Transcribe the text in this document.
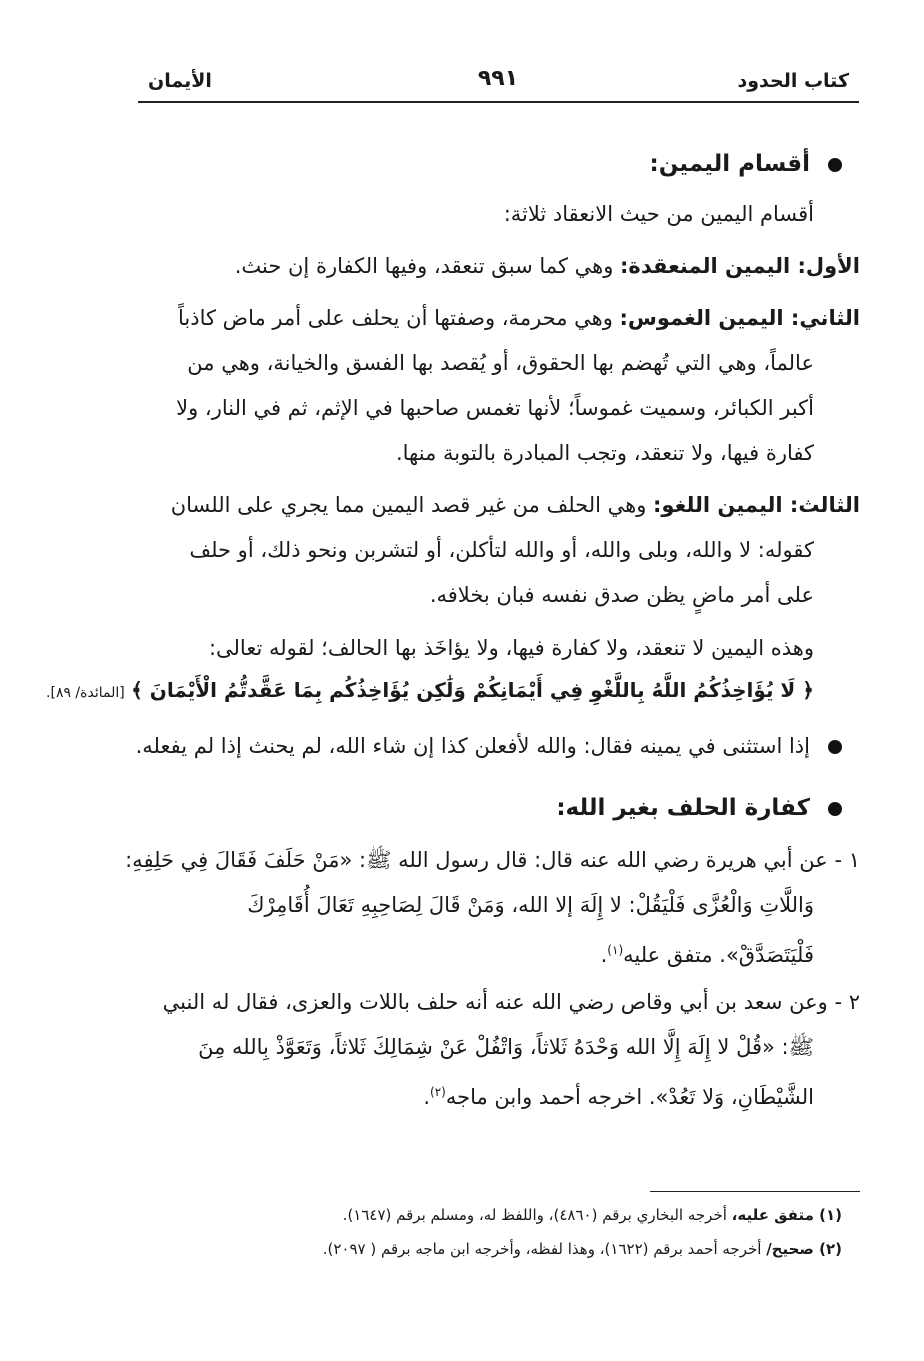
كتاب الحدود
٩٩١
الأيمان
أقسام اليمين:
أقسام اليمين من حيث الانعقاد ثلاثة:
الأول: اليمين المنعقدة: وهي كما سبق تنعقد، وفيها الكفارة إن حنث.
الثاني: اليمين الغموس: وهي محرمة، وصفتها أن يحلف على أمر ماض كاذباً
عالماً، وهي التي تُهضم بها الحقوق، أو يُقصد بها الفسق والخيانة، وهي من
أكبر الكبائر، وسميت غموساً؛ لأنها تغمس صاحبها في الإثم، ثم في النار، ولا
كفارة فيها، ولا تنعقد، وتجب المبادرة بالتوبة منها.
الثالث: اليمين اللغو: وهي الحلف من غير قصد اليمين مما يجري على اللسان
كقوله: لا والله، وبلى والله، أو والله لتأكلن، أو لتشربن ونحو ذلك، أو حلف
على أمر ماضٍ يظن صدق نفسه فبان بخلافه.
وهذه اليمين لا تنعقد، ولا كفارة فيها، ولا يؤاخَذ بها الحالف؛ لقوله تعالى:
﴿ لَا يُؤَاخِذُكُمُ اللَّهُ بِاللَّغْوِ فِي أَيْمَانِكُمْ وَلَٰكِن يُؤَاخِذُكُم بِمَا عَقَّدتُّمُ الْأَيْمَانَ ﴾ [المائدة/ ٨٩].
إذا استثنى في يمينه فقال: والله لأفعلن كذا إن شاء الله، لم يحنث إذا لم يفعله.
كفارة الحلف بغير الله:
١ - عن أبي هريرة رضي الله عنه قال: قال رسول الله ﷺ: «مَنْ حَلَفَ فَقَالَ فِي حَلِفِهِ:
وَاللَّاتِ وَالْعُزَّى فَلْيَقُلْ: لا إِلَهَ إلا الله، وَمَنْ قَالَ لِصَاحِبِهِ تَعَالَ أُقَامِرْكَ
فَلْيَتَصَدَّقْ». متفق عليه$^{(١)}$.
٢ - وعن سعد بن أبي وقاص رضي الله عنه أنه حلف باللات والعزى، فقال له النبي
ﷺ: «قُلْ لا إِلَهَ إِلَّا الله وَحْدَهُ ثَلاثاً، وَاتْفُلْ عَنْ شِمَالِكَ ثَلاثاً، وَتَعَوَّذْ بِالله مِنَ
الشَّيْطَانِ، وَلا تَعُدْ». اخرجه أحمد وابن ماجه$^{(٢)}$.
(١) متفق عليه، أخرجه البخاري برقم (٤٨٦٠)، واللفظ له، ومسلم برقم (١٦٤٧).
(٢) صحيح/ أخرجه أحمد برقم (١٦٢٢)، وهذا لفظه، وأخرجه ابن ماجه برقم ( ٢٠٩٧).
